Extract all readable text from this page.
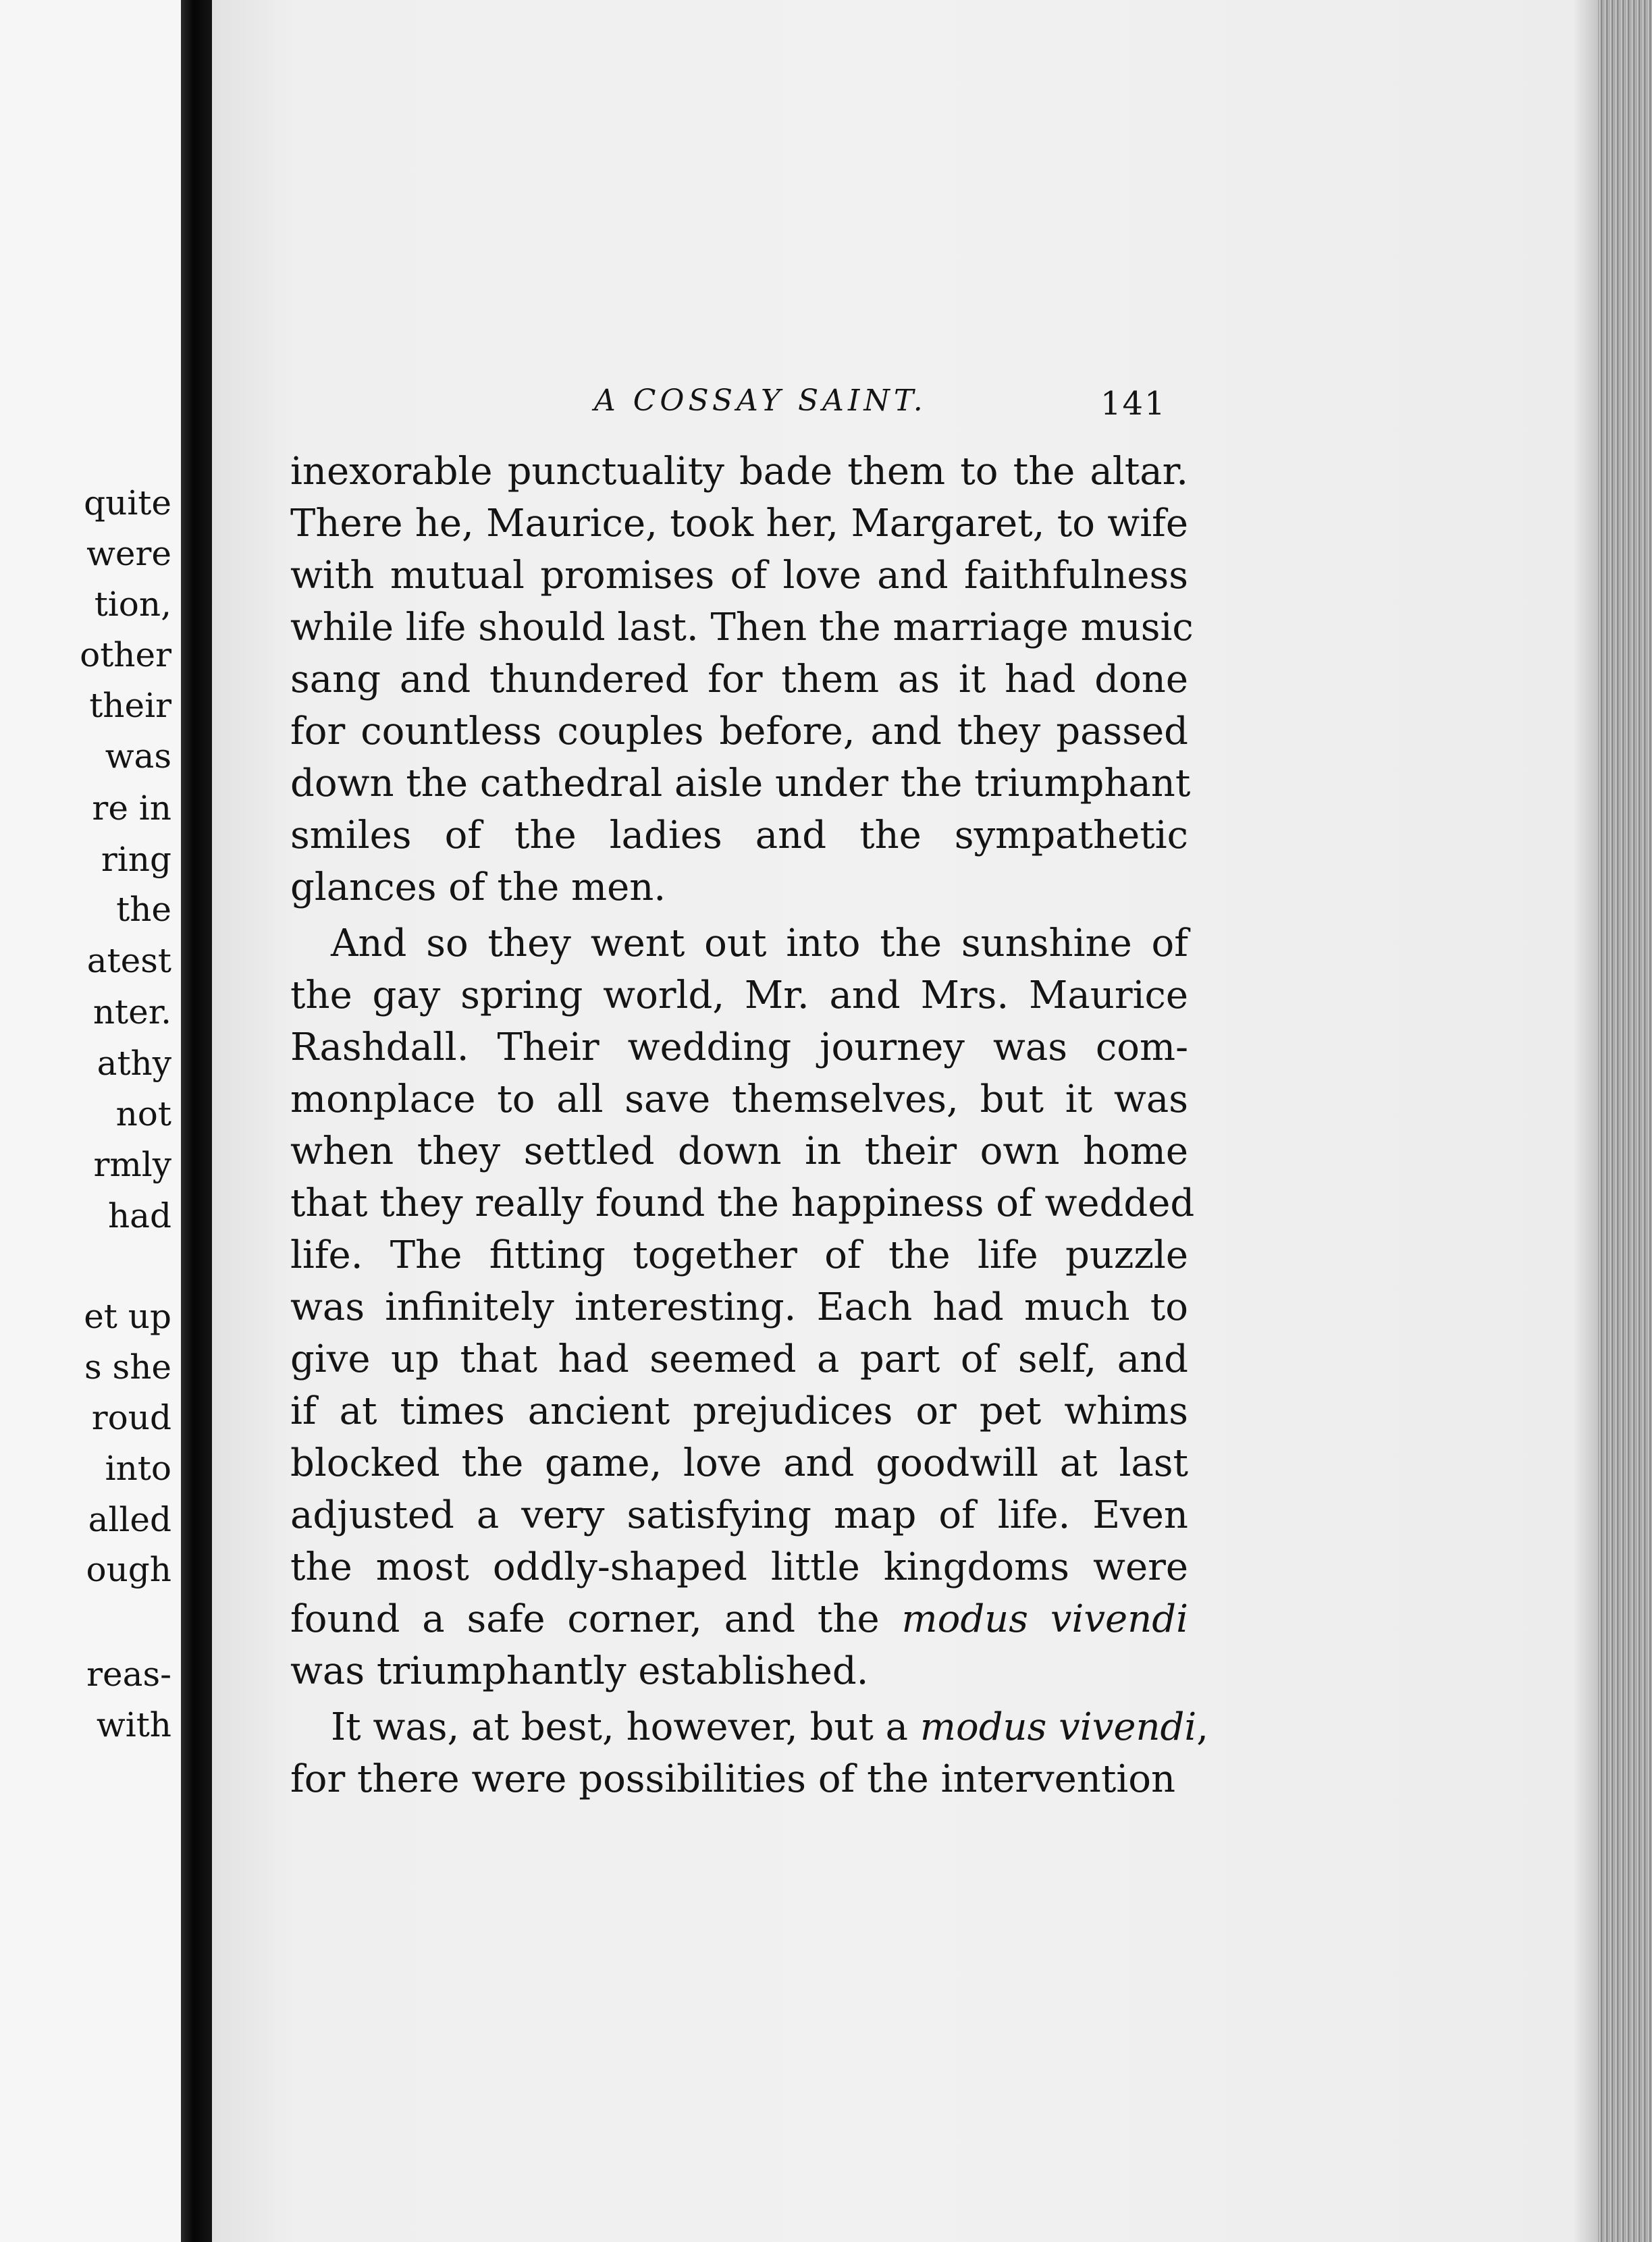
quite
were
tion,
other
their
was
re in
ring
the
atest
nter.
athy
not
rmly
had
et up
s she
roud
into
alled
ough
reas-
with
A COSSAY SAINT.	141
inexorable punctuality bade them to the altar.
There he, Maurice, took her, Margaret, to wife
with mutual promises of love and faithfulness
while life should last. Then the marriage music
sang and thundered for them as it had done
for countless couples before, and they passed
down the cathedral aisle under the triumphant
smiles of the ladies and the sympathetic
glances of the men.
And so they went out into the sunshine of
the gay spring world, Mr. and Mrs. Maurice
Rashdall. Their wedding journey was com-
monplace to all save themselves, but it was
when they settled down in their own home
that they really found the happiness of wedded
life. The fitting together of the life puzzle
was infinitely interesting. Each had much to
give up that had seemed a part of self, and
if at times ancient prejudices or pet whims
blocked the game, love and goodwill at last
adjusted a very satisfying map of life. Even
the most oddly-shaped little kingdoms were
found a safe corner, and the modus vivendi
was triumphantly established.
It was, at best, however, but a modus vivendi,
for there were possibilities of the intervention
